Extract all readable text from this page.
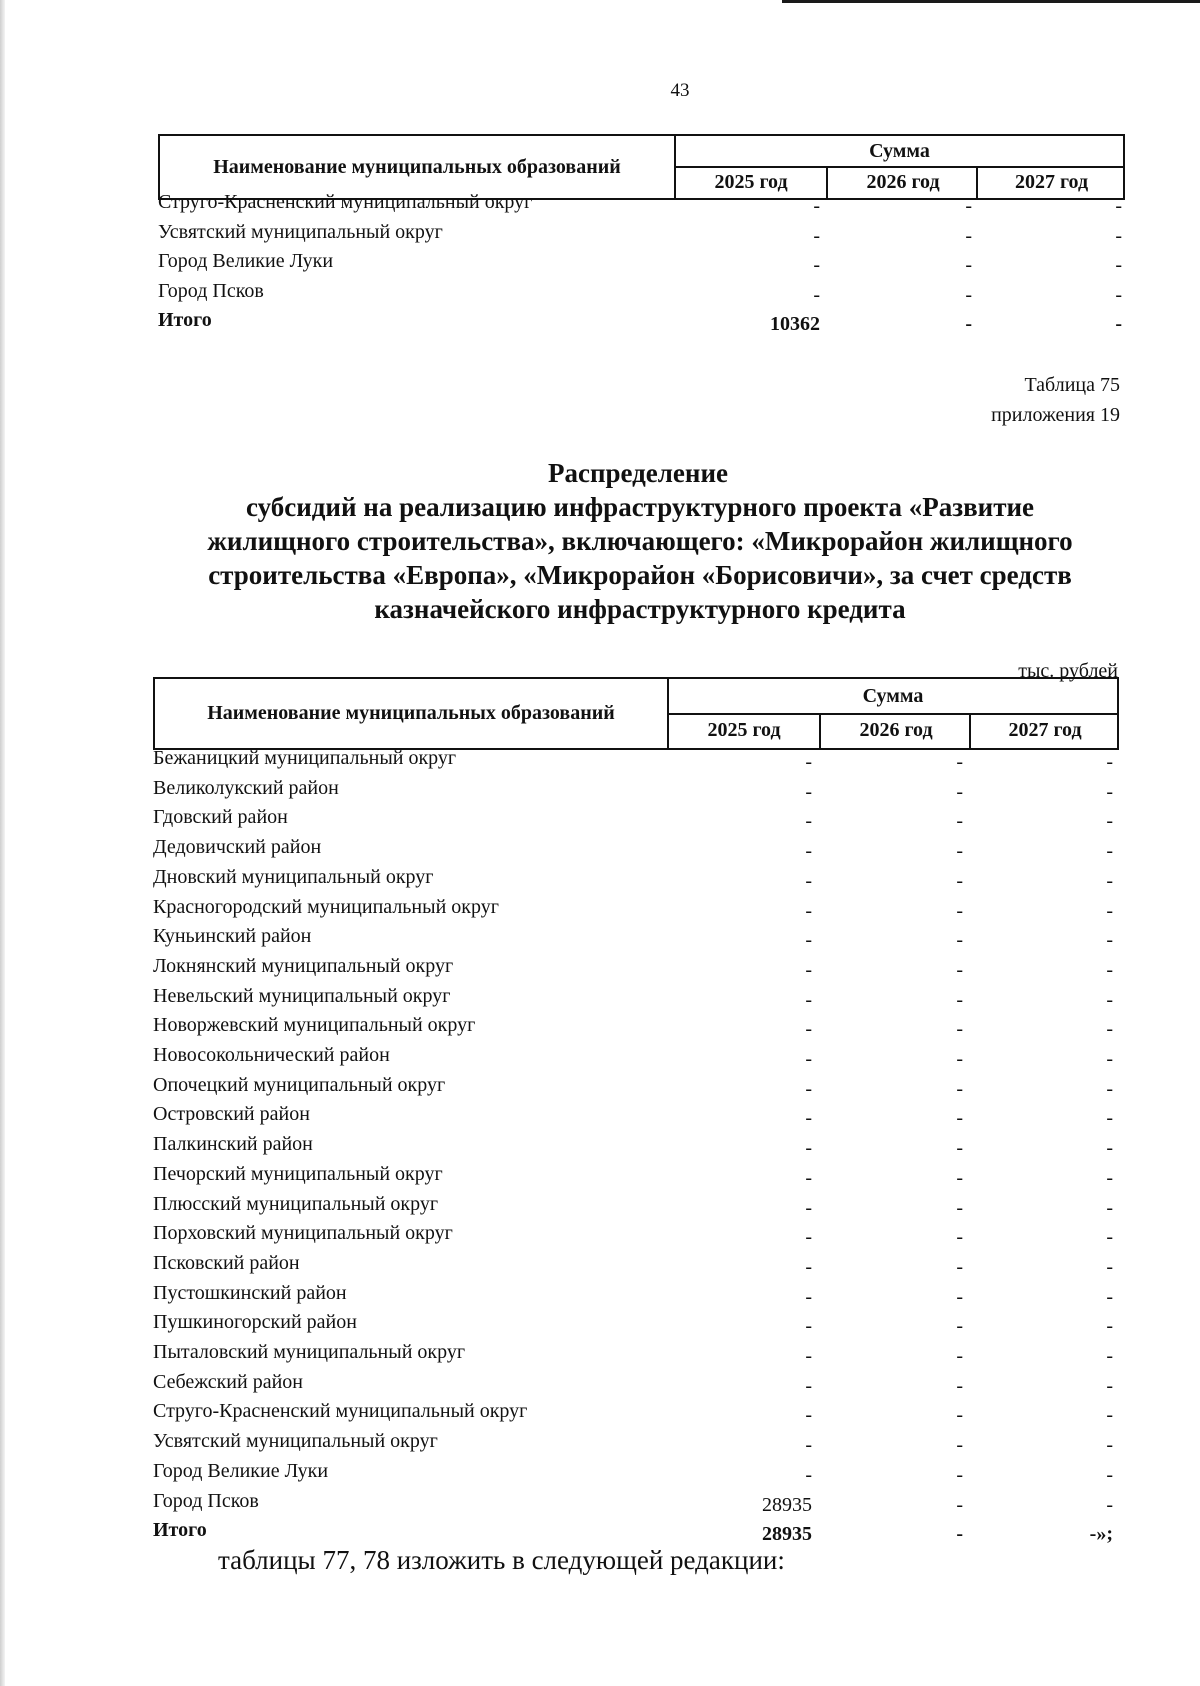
43
Наименование муниципальных образований
Сумма
2025 год	2026 год	2027 год
Струго-Красненский муниципальный округ	-	-	-
Усвятский муниципальный округ	-	-	-
Город Великие Луки	-	-	-
Город Псков	-	-	-
Итого	10362	-	-
Таблица 75
приложения 19
Распределение
субсидий на реализацию инфраструктурного проекта «Развитие
жилищного строительства», включающего: «Микрорайон жилищного
строительства «Европа», «Микрорайон «Борисовичи», за счет средств
казначейского инфраструктурного кредита
тыс. рублей
Наименование муниципальных образований
Сумма
2025 год	2026 год	2027 год
Бежаницкий муниципальный округ	-	-	-
Великолукский район	-	-	-
Гдовский район	-	-	-
Дедовичский район	-	-	-
Дновский муниципальный округ	-	-	-
Красногородский муниципальный округ	-	-	-
Куньинский район	-	-	-
Локнянский муниципальный округ	-	-	-
Невельский муниципальный округ	-	-	-
Новоржевский муниципальный округ	-	-	-
Новосокольнический район	-	-	-
Опочецкий муниципальный округ	-	-	-
Островский район	-	-	-
Палкинский район	-	-	-
Печорский муниципальный округ	-	-	-
Плюсский муниципальный округ	-	-	-
Порховский муниципальный округ	-	-	-
Псковский район	-	-	-
Пустошкинский район	-	-	-
Пушкиногорский район	-	-	-
Пыталовский муниципальный округ	-	-	-
Себежский район	-	-	-
Струго-Красненский муниципальный округ	-	-	-
Усвятский муниципальный округ	-	-	-
Город Великие Луки	-	-	-
Город Псков	28935	-	-
Итого	28935	-	-»;
таблицы 77, 78 изложить в следующей редакции:
